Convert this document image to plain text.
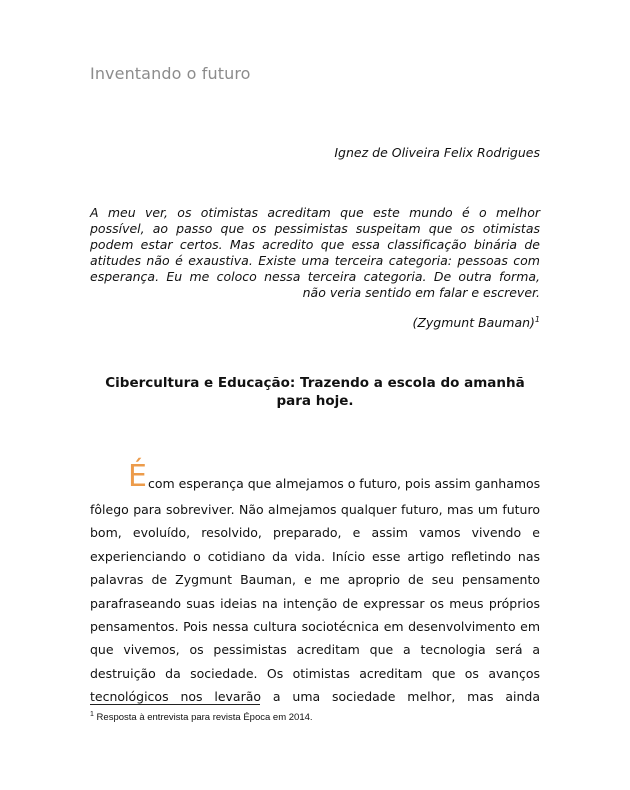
Inventando o futuro
Ignez de Oliveira Felix Rodrigues
A meu ver, os otimistas acreditam que este mundo é o melhor
possível, ao passo que os pessimistas suspeitam que os otimistas
podem estar certos. Mas acredito que essa classificação binária de
atitudes não é exaustiva. Existe uma terceira categoria: pessoas com
esperança. Eu me coloco nessa terceira categoria. De outra forma,
não veria sentido em falar e escrever.
(Zygmunt Bauman)$^1$
Cibercultura e Educação: Trazendo a escola do amanhã
para hoje.
É com esperança que almejamos o futuro, pois assim ganhamos
fôlego para sobreviver. Não almejamos qualquer futuro, mas um futuro
bom, evoluído, resolvido, preparado, e assim vamos vivendo e
experienciando o cotidiano da vida. Início esse artigo refletindo nas
palavras de Zygmunt Bauman, e me aproprio de seu pensamento
parafraseando suas ideias na intenção de expressar os meus próprios
pensamentos. Pois nessa cultura sociotécnica em desenvolvimento em
que vivemos, os pessimistas acreditam que a tecnologia será a
destruição da sociedade. Os otimistas acreditam que os avanços
tecnológicos nos levarão a uma sociedade melhor, mas ainda
$^1$ Resposta à entrevista para revista Época em 2014.
